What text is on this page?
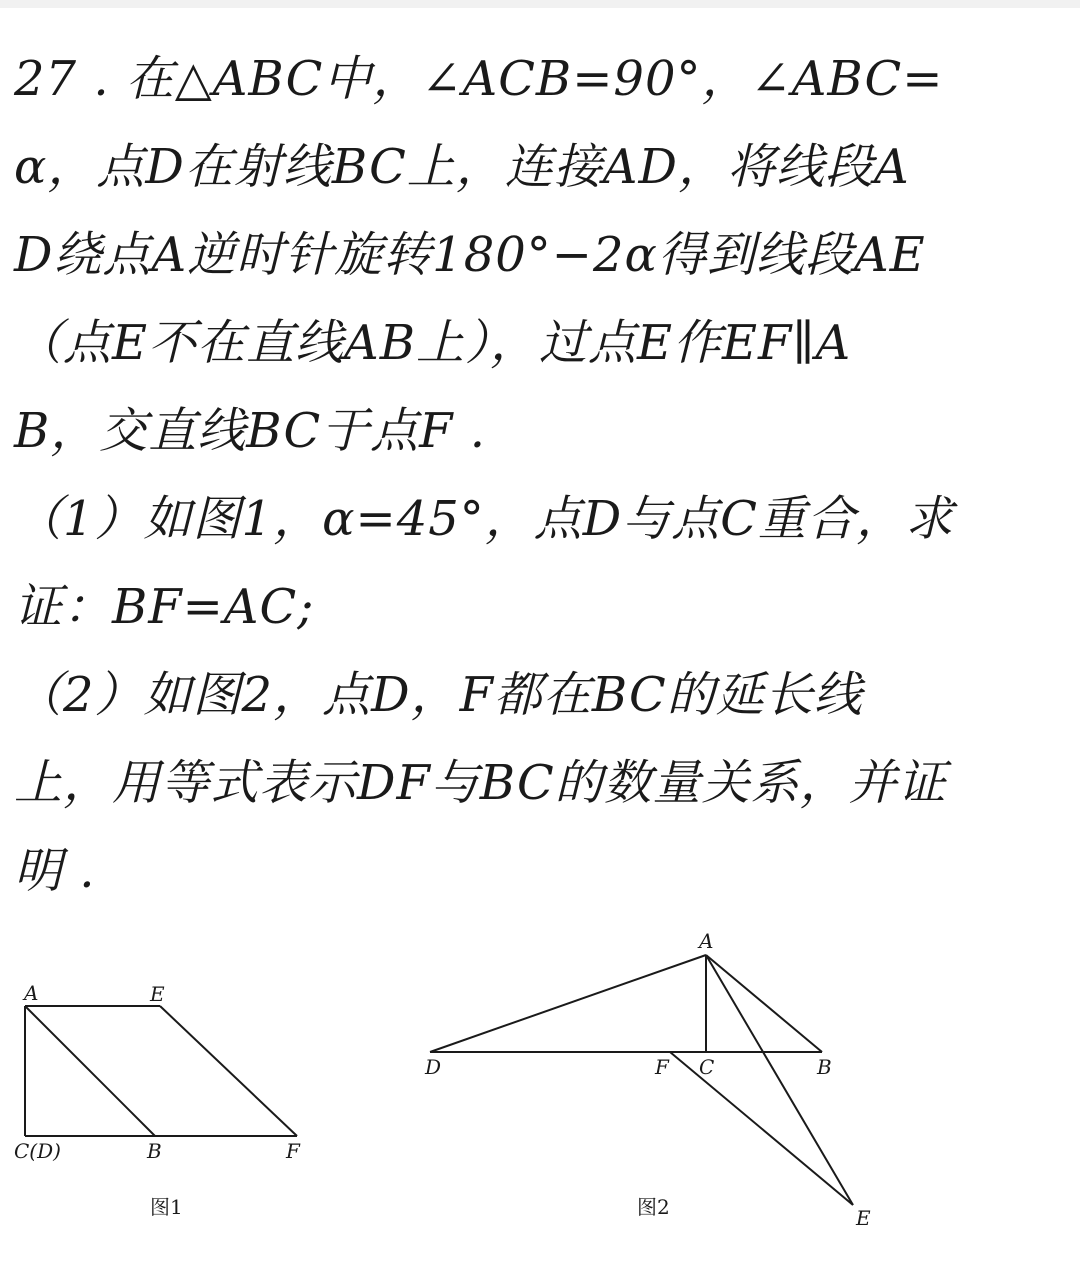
27 . 在△ABC中，∠ACB=90°，∠ABC=
α，点D在射线BC上，连接AD，将线段A
D绕点A逆时针旋转180°−2α得到线段AE
（点E不在直线AB上），过点E作EF∥A
B，交直线BC于点F .
（1）如图1，α=45°，点D与点C重合，求
证：BF=AC;
（2）如图2，点D，F都在BC的延长线
上，用等式表示DF与BC的数量关系，并证
明 .
A	E
C(D)	B	F
图1
A
D	F C	B
E
图2
